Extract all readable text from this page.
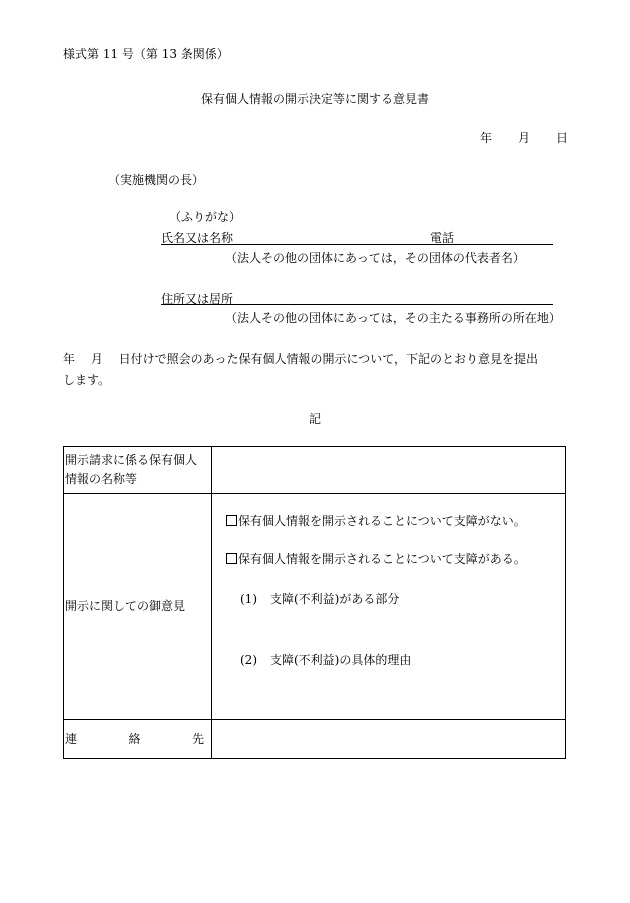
様式第 11 号（第 13 条関係）
保有個人情報の開示決定等に関する意見書
年 月 日
（実施機関の長）
（ふりがな）
氏名又は名称	電話
（法人その他の団体にあっては，その団体の代表者名）
住所又は居所
（法人その他の団体にあっては，その主たる事務所の所在地）
年　 月　 日付けで照会のあった保有個人情報の開示について，下記のとおり意見を提出
します。
記
開示請求に係る保有個人情報の名称等	
開示に関しての御意見	保有個人情報を開示されることについて支障がない。
保有個人情報を開示されることについて支障がある。
(1) 支障(不利益)がある部分
(2) 支障(不利益)の具体的理由

連 絡 先	
